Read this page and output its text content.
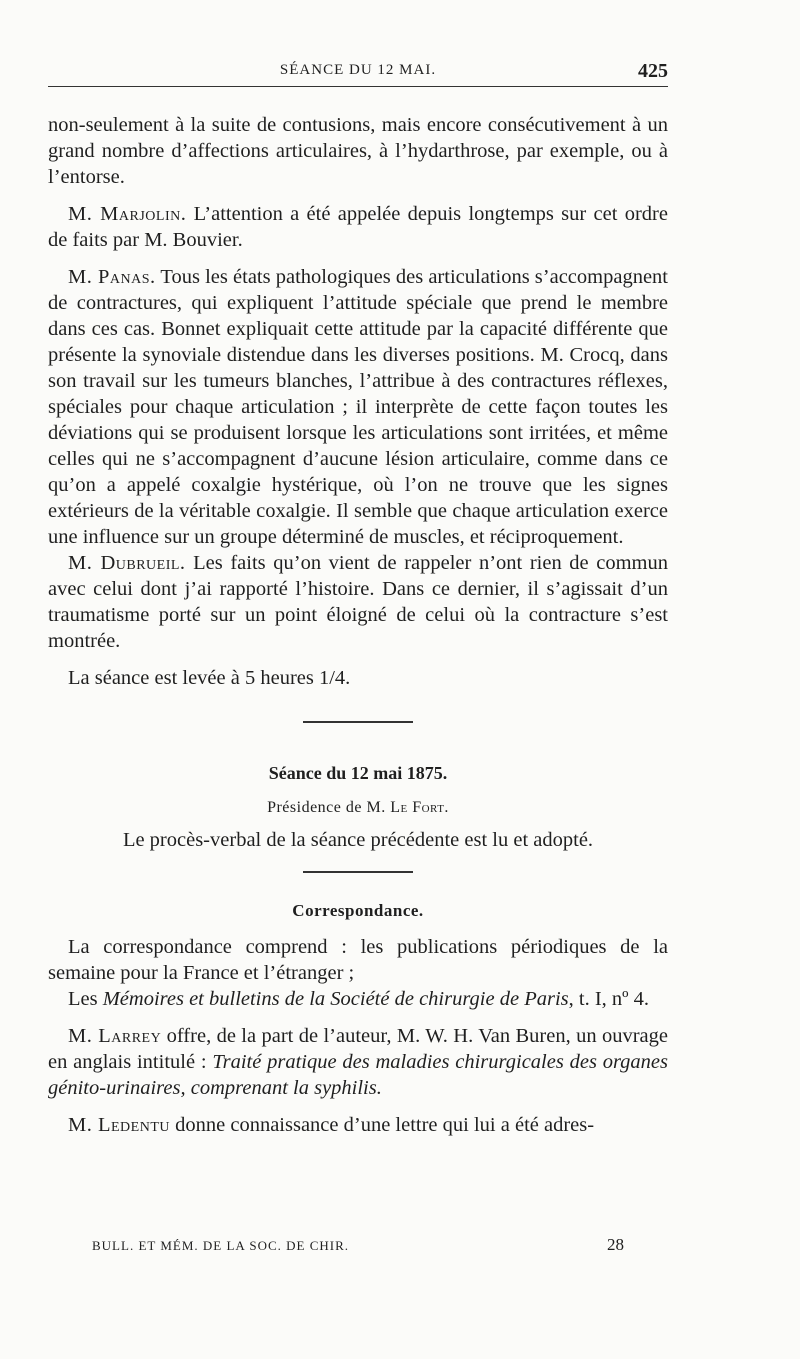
SÉANCE DU 12 MAI.	425

non-seulement à la suite de contusions, mais encore consécutivement à un grand nombre d’affections articulaires, à l’hydarthrose, par exemple, ou à l’entorse.

M. Marjolin. L’attention a été appelée depuis longtemps sur cet ordre de faits par M. Bouvier.

M. Panas. Tous les états pathologiques des articulations s’accompagnent de contractures, qui expliquent l’attitude spéciale que prend le membre dans ces cas. Bonnet expliquait cette attitude par la capacité différente que présente la synoviale distendue dans les diverses positions. M. Crocq, dans son travail sur les tumeurs blanches, l’attribue à des contractures réflexes, spéciales pour chaque articulation ; il interprète de cette façon toutes les déviations qui se produisent lorsque les articulations sont irritées, et même celles qui ne s’accompagnent d’aucune lésion articulaire, comme dans ce qu’on a appelé coxalgie hystérique, où l’on ne trouve que les signes extérieurs de la véritable coxalgie. Il semble que chaque articulation exerce une influence sur un groupe déterminé de muscles, et réciproquement.

M. Dubrueil. Les faits qu’on vient de rappeler n’ont rien de commun avec celui dont j’ai rapporté l’histoire. Dans ce dernier, il s’agissait d’un traumatisme porté sur un point éloigné de celui où la contracture s’est montrée.

La séance est levée à 5 heures 1/4.

Séance du 12 mai 1875.
Présidence de M. Le Fort.
Le procès-verbal de la séance précédente est lu et adopté.
Correspondance.

La correspondance comprend : les publications périodiques de la semaine pour la France et l’étranger ;

Les Mémoires et bulletins de la Société de chirurgie de Paris, t. I, nº 4.

M. Larrey offre, de la part de l’auteur, M. W. H. Van Buren, un ouvrage en anglais intitulé : Traité pratique des maladies chirurgicales des organes génito-urinaires, comprenant la syphilis.

M. Ledentu donne connaissance d’une lettre qui lui a été adres-

BULL. ET MÉM. DE LA SOC. DE CHIR.	28
